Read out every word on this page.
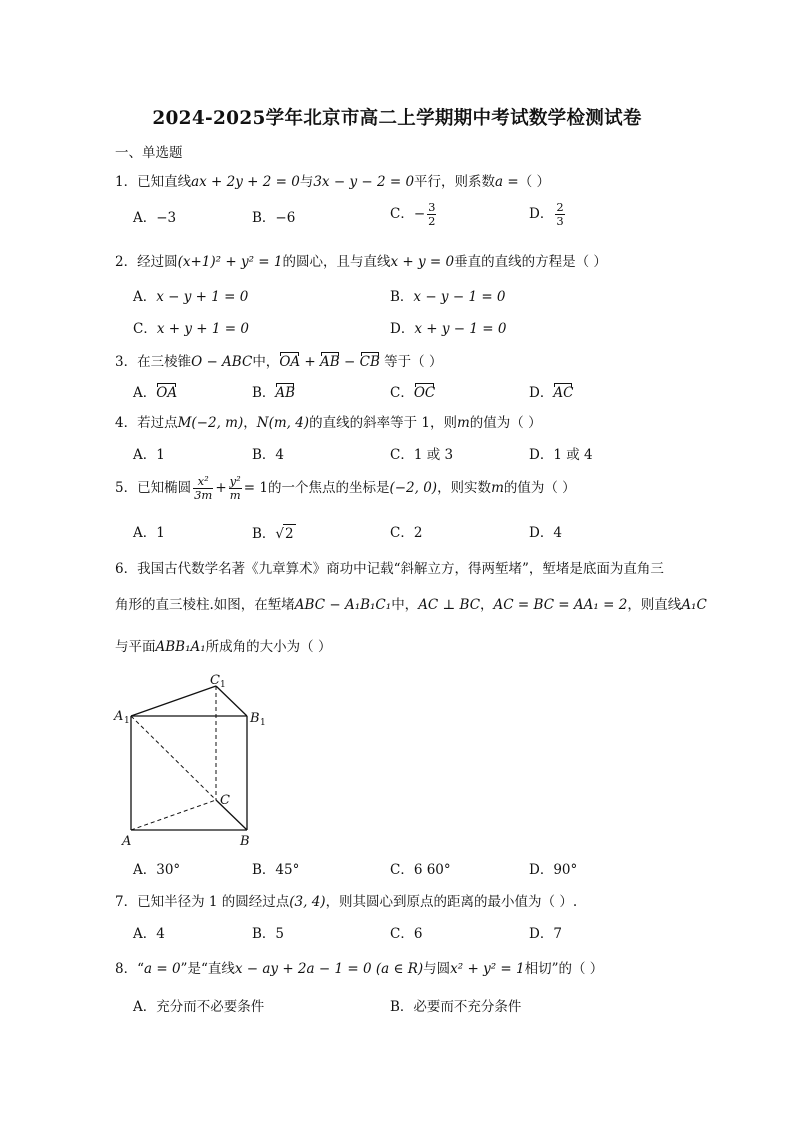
2024-2025学年北京市高二上学期期中考试数学检测试卷
一、单选题
1．已知直线ax + 2y + 2 = 0与3x − y − 2 = 0平行，则系数a =（ ）
A．−3	B．−6	C．− $\frac{3}{2}$	D． $\frac{2}{3}$
2．经过圆(x+1)² + y² = 1的圆心，且与直线x + y = 0垂直的直线的方程是（ ）
A．x − y + 1 = 0	B．x − y − 1 = 0
C．x + y + 1 = 0	D．x + y − 1 = 0
3．在三棱锥O − ABC中，OA + AB − CB 等于（ ）
A．OA	B．AB	C．OC	D．AC
4．若过点M(−2, m)，N(m, 4)的直线的斜率等于 1，则m的值为（ ）
A．1	B．4	C．1 或 3	D．1 或 4
5．已知椭圆 $\frac{\text{x²}}{3m} + \frac{\text{y²}}{m} = 1$的一个焦点的坐标是(−2, 0)，则实数m的值为（ ）
A．1	B．√2	C．2	D．4
6．我国古代数学名著《九章算术》商功中记载“斜解立方，得两堑堵”，堑堵是底面为直角三
角形的直三棱柱.如图，在堑堵ABC − A₁B₁C₁中，AC ⊥ BC，AC = BC = AA₁ = 2，则直线A₁C
与平面ABB₁A₁所成角的大小为（ ）
C 1
A 1	B 1
C
A	B
A．30°	B．45°	C．6 60°	D．90°
7．已知半径为 1 的圆经过点(3, 4)，则其圆心到原点的距离的最小值为（ ）.
A．4	B．5	C．6	D．7
8．“a = 0”是“直线x − ay + 2a − 1 = 0 (a ∈ R)与圆x² + y² = 1相切”的（ ）
A．充分而不必要条件	B．必要而不充分条件
